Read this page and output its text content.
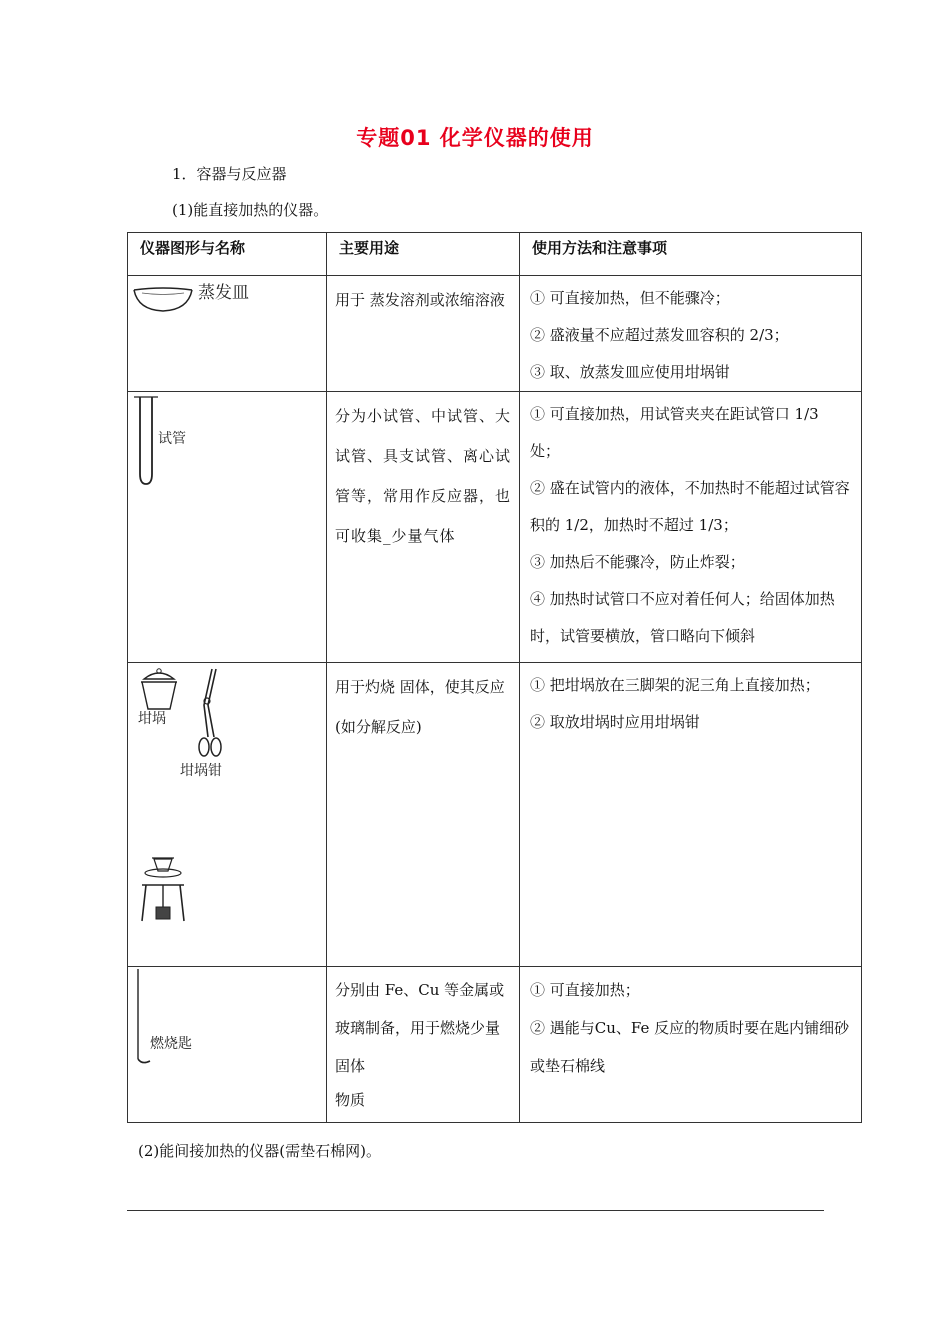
专题01 化学仪器的使用
1．容器与反应器
(1)能直接加热的仪器。
仪器图形与名称	主要用途	使用方法和注意事项

蒸发皿	用于 蒸发溶剂或浓缩溶液	① 可直接加热，但不能骤冷；
② 盛液量不应超过蒸发皿容积的 2/3；
③ 取、放蒸发皿应使用坩埚钳

试管	分为小试管、中试管、大试管、具支试管、离心试管等，常用作反应器，也可收集_少量气体	① 可直接加热，用试管夹夹在距试管口 1/3 处；
② 盛在试管内的液体，不加热时不能超过试管容积的 1/2，加热时不超过 1/3；
③ 加热后不能骤冷，防止炸裂；
④ 加热时试管口不应对着任何人；给固体加热时，试管要横放，管口略向下倾斜

坩埚
坩埚钳	用于灼烧 固体，使其反应(如分解反应)	① 把坩埚放在三脚架的泥三角上直接加热；
② 取放坩埚时应用坩埚钳

燃烧匙	分别由 Fe、Cu 等金属或玻璃制备，用于燃烧少量固体
物质	① 可直接加热；
② 遇能与Cu、Fe 反应的物质时要在匙内铺细砂或垫石棉线
(2)能间接加热的仪器(需垫石棉网)。
